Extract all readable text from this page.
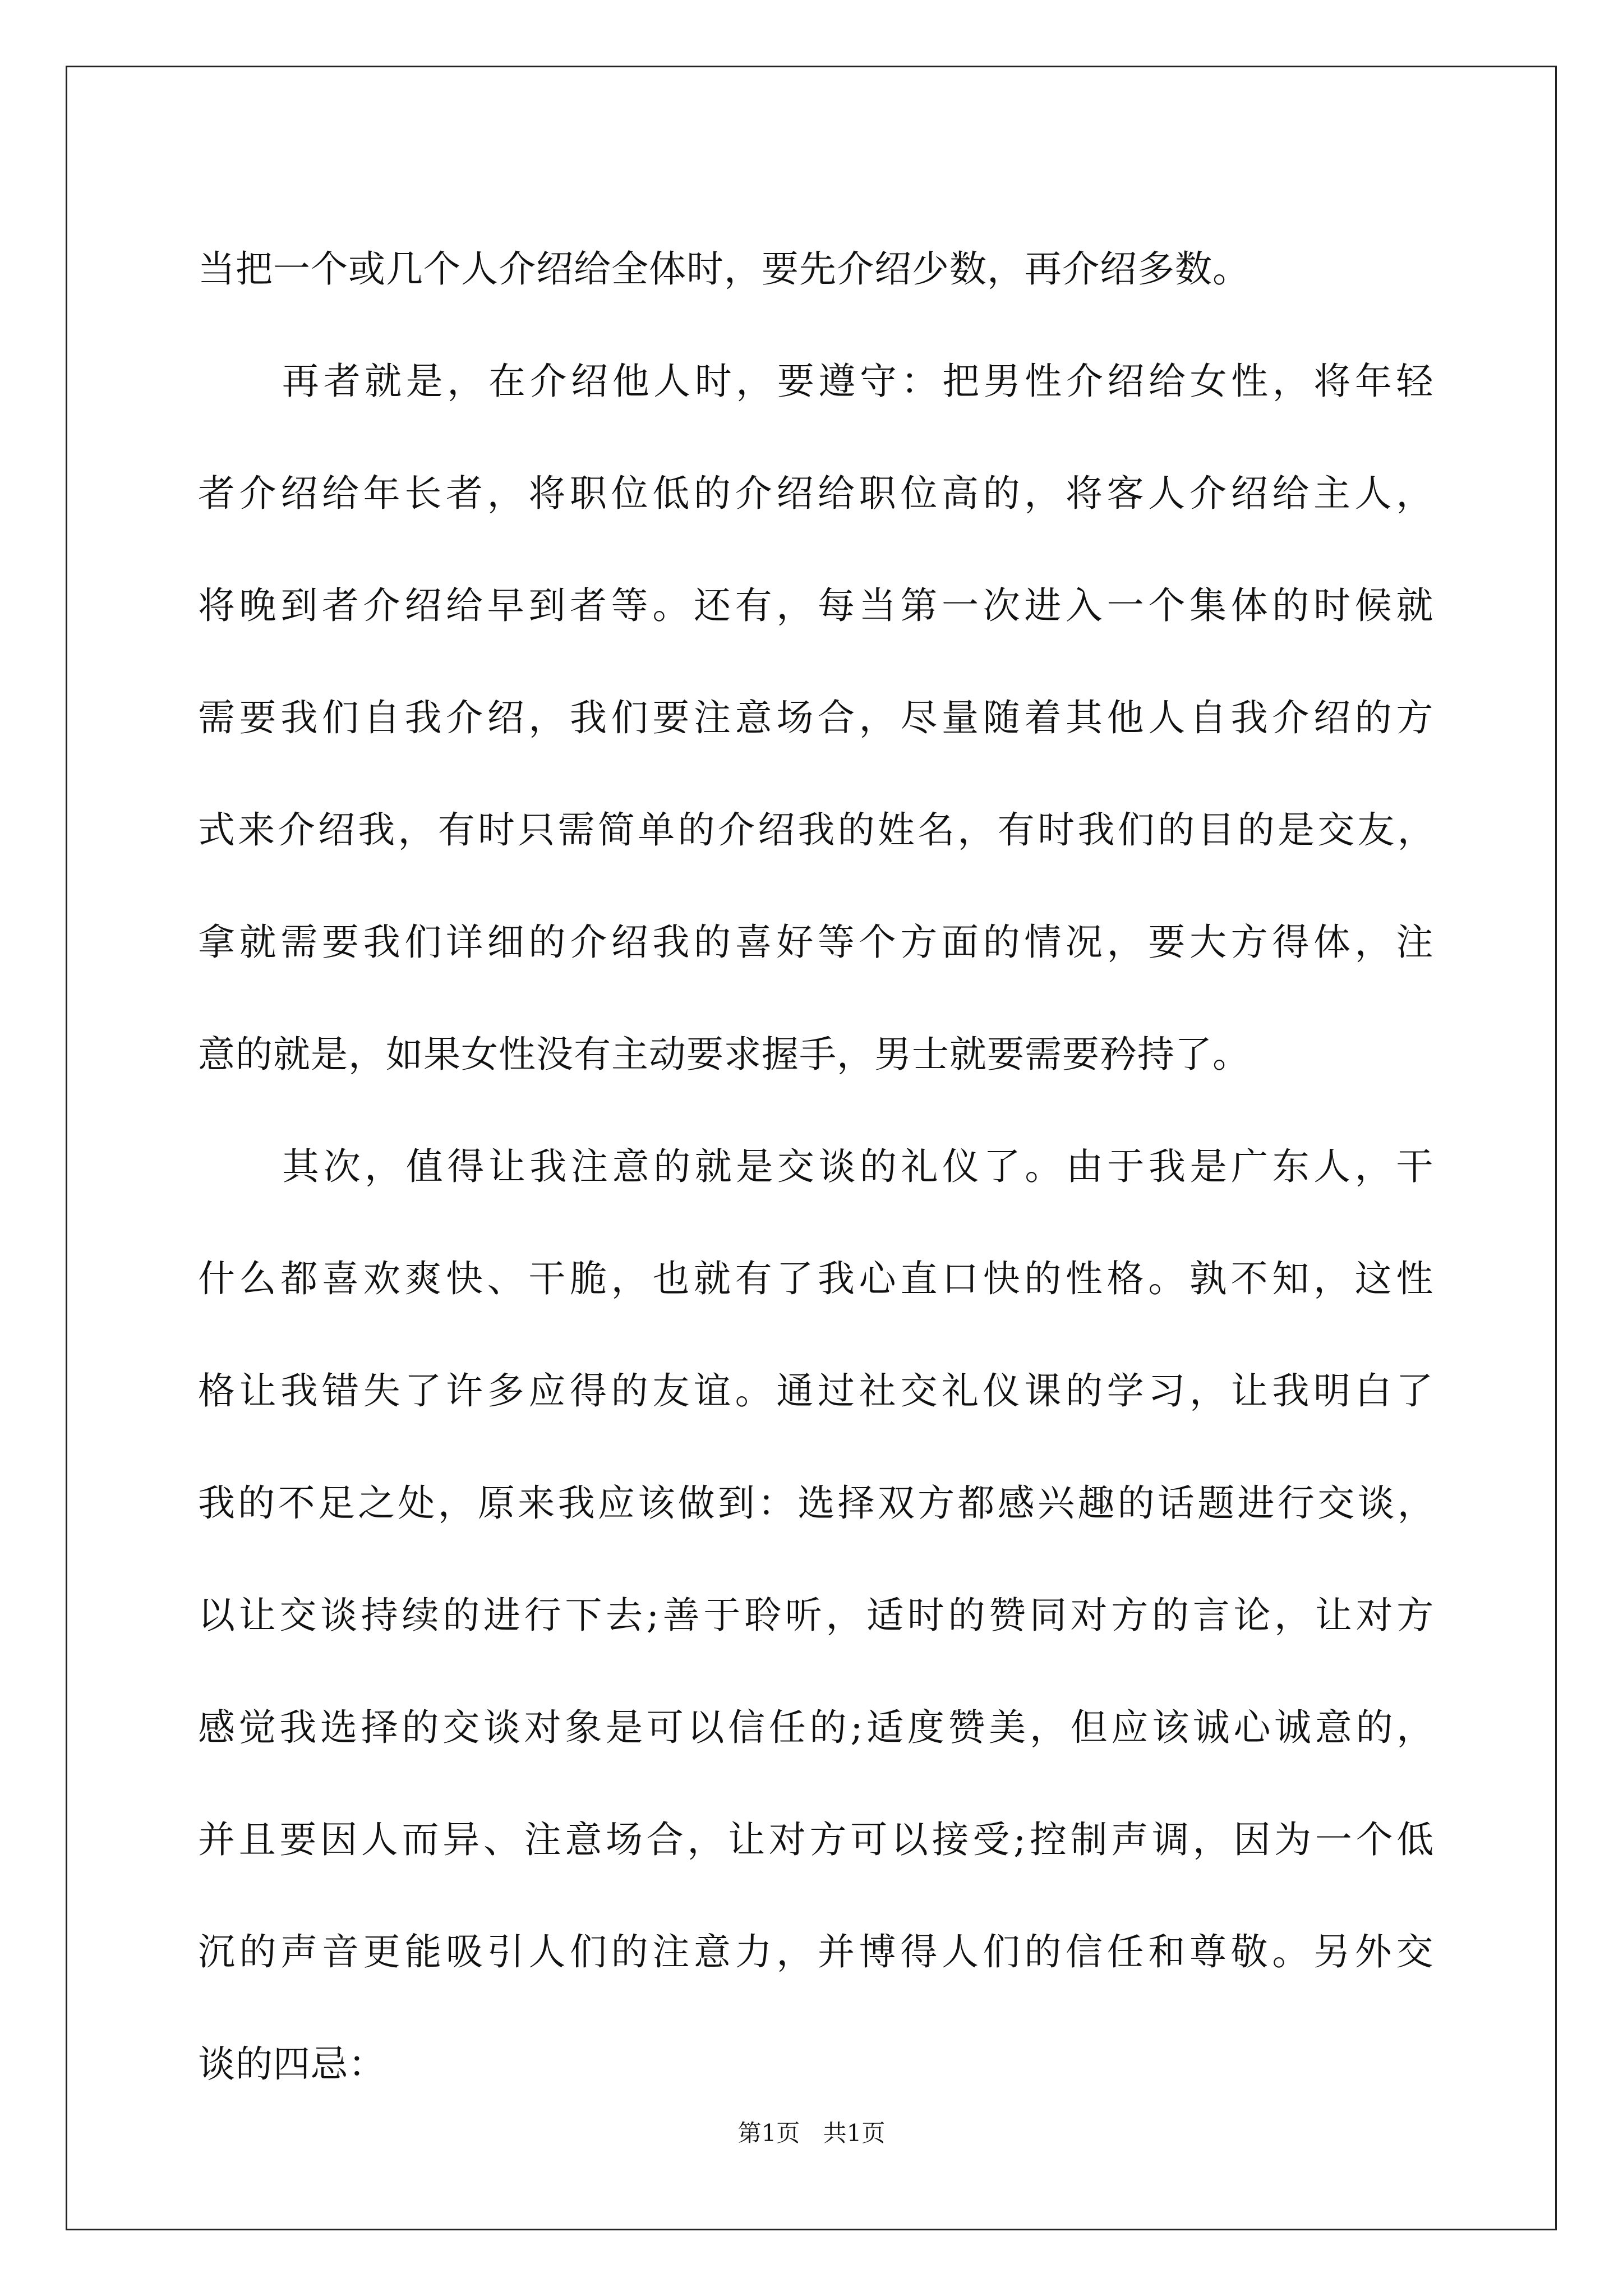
当把一个或几个人介绍给全体时，要先介绍少数，再介绍多数。
再者就是，在介绍他人时，要遵守：把男性介绍给女性，将年轻
者介绍给年长者，将职位低的介绍给职位高的，将客人介绍给主人，
将晚到者介绍给早到者等。还有，每当第一次进入一个集体的时候就
需要我们自我介绍，我们要注意场合，尽量随着其他人自我介绍的方
式来介绍我，有时只需简单的介绍我的姓名，有时我们的目的是交友，
拿就需要我们详细的介绍我的喜好等个方面的情况，要大方得体，注
意的就是，如果女性没有主动要求握手，男士就要需要矜持了。
其次，值得让我注意的就是交谈的礼仪了。由于我是广东人，干
什么都喜欢爽快、干脆，也就有了我心直口快的性格。孰不知，这性
格让我错失了许多应得的友谊。通过社交礼仪课的学习，让我明白了
我的不足之处，原来我应该做到：选择双方都感兴趣的话题进行交谈，
以让交谈持续的进行下去;善于聆听，适时的赞同对方的言论，让对方
感觉我选择的交谈对象是可以信任的;适度赞美，但应该诚心诚意的，
并且要因人而异、注意场合，让对方可以接受;控制声调，因为一个低
沉的声音更能吸引人们的注意力，并博得人们的信任和尊敬。另外交
谈的四忌：
第1页 共1页
